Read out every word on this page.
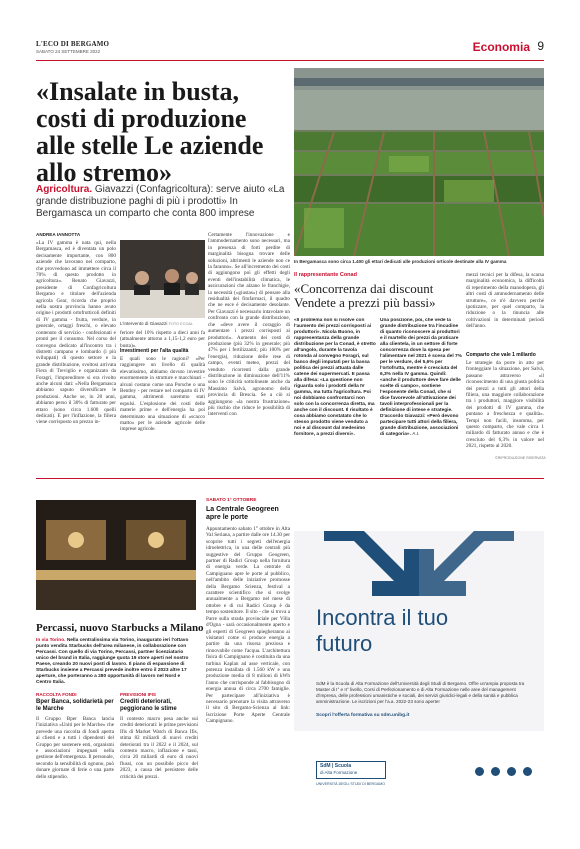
L'ECO DI BERGAMO
SABATO 24 SETTEMBRE 2022	Economia 9
«Insalate in busta, costi di produzione alle stelle Le aziende allo stremo»
Agricoltura. Giavazzi (Confagricoltura): serve aiuto «La grande distribuzione paghi di più i prodotti» In Bergamasca un comparto che conta 800 imprese
In Bergamasca sono circa 1.400 gli ettari dedicati alle produzioni orticole destinate alla IV gamma
ANDREA IANNOTTA
«La IV gamma è nata qui, nella Bergamasca, ed è diventata un polo decisamente importante, con 800 aziende che lavorano nel comparto, che provvedono ad immettere circa il 70% di questo prodotto in agricoltura». Renato Giavazzi, presidente di Confagricoltura Bergamo e titolare dell'azienda agricola Gear, ricorda che proprio nella nostra provincia hanno avuto origine i prodotti ortofrutticoli definiti di IV gamma - frutta, verdure, in generale, ortaggi freschi, o elevato contenuto di servizio - confezionati e pronti per il consumo. Nel corso del convegno dedicato all'incontro tra i distretti campano e lombardo (i più sviluppati) di questo settore e la grande distribuzione, svoltosi arrivata Fiera di Treviglio e organizzato da Foragri, l'imprenditore si era rivolto anche alcuni dati: «Nella Bergamasca abbiamo saputo diversificare le produzioni. Anche se, in 20 anni, abbiamo perso il 30% di fatturato per ettaro (sono circa 1.600 quelli dedicati). E per l'inflazione, la filiera viene corrisposto un prezzo in-
L'intervento di Giavazzi FOTO ECOAL
feriore del 10% rispetto a dieci anni fa (attualmente attorno a 1,15-1,2 euro per busta)».
Investimenti per l'alta qualità
E quali sono le ragioni? «Per raggiungere un livello di qualità elevatissimo, abbiamo dovuto investire enormemente in strutture e macchinari - alcuni costano come una Porsche o una Bentley - per restare nel comparto di IV gamma, altrimenti saremmo stati espulsi. L'esplosione dei costi delle materie prime e dell'energia ha poi determinato una situazione di «scacco matto» per le aziende agricole delle imprese agricole.
Certamente l'innovazione e l'ammodernamento sono necessari, ma in presenza di forti perdite di marginalità bisogna trovare delle soluzioni, altrimenti le aziende non ce la faranno». Se all'incremento dei costi di aggiungono poi gli effetti degli eventi dell'instabilità climatica, le assicurazioni che alzano le franchigie, la necessità («giustas») di pensare alla residualità dei fitofarmaci, il quadro che ne esce è decisamente desolante. Per Giavazzi è necessario intavolare un confronto con la grande distribuzione, che «deve avere il coraggio di aumentare i prezzi corrisposti ai produttori». Aumento dei costi di produzione (più 32% in generale; più 47% per i fertilizzanti; più 100% per l'energia), riduzione delle rese di campo, eventi meteo, prezzi del venduto ricorrenti dalla grande distribuzione in diminuzione dell'11% sono le criticità sottolineate anche da Massimo Salvà, agronomo della provincia di Brescia. Se a ciò si aggiungono «la nostra frustrazione» più rischio che riduce le possibilità di interventi con
Il rappresentante Conad
«Concorrenza dai discount Vendete a prezzi più bassi»
«Il problema non si risolve con l'aumento dei prezzi corrisposti ai produttori». Nicola Buono, in rappresentanza della grande distribuzione per la Conad, è stretto all'angolo, durante la tavola rotonda al convegno Foragri, sul banco degli imputati per la bassa politica dei prezzi attuata dalle catene dei supermercati. E passa alla difesa: «La questione non riguarda solo i prodotti della IV gamma, ma tutta l'agricoltura. Poi noi dobbiamo confrontarci non solo con la concorrenza diretta, ma anche con il discount. Il risultato è cosa abbiamo constatato che lo stesso prodotto viene venduto a noi e al discount dal medesimo fornitore, a prezzi diversi».
Una posizione, poi, che vede la grande distribuzione tra l'incudine di quanto riconoscere ai produttori e il martello dei prezzi da praticare alla clientela, in un settore di forte concorrenza dove la spesa per l'alimentare nel 2021 è scesa del 7% per le verdure, del 5,6% per l'ortofrutta, mentre è cresciuta del 6,3% nella IV gamma. Quindi: «anche il produttore deve fare delle scelte di campo», sostiene l'esponente della Conad, che si dice favorevole all'attivazione dei tavoli interprofessionali per la definizione di intese e strategie. D'accordo Giavazzi: «Però devono partecipare tutti attori della filiera, grande distribuzione, associazioni di categoria». A.I.
mezzi tecnici per la difesa, la scarsa marginalità economica, la difficoltà di reperimento della manodopera, gli altri costi di ammodernamento delle strutture», ce n'è davvero perché ipotizzare, per quel comparto, la riduzione o la rinuncia alle coltivazioni in determinati periodi dell'anno.
Comparto che vale 1 miliardo
Le strategie da porre in atto per fronteggiare la situazione, per Salvà, passano attraverso «il riconoscimento di una giusta politica dei prezzi a tutti gli attori della filiera, una maggiore collaborazione tra i produttori, maggiore visibilità dei prodotti di IV gamma, che puntano a freschezza e qualità». Tempi non facili, insomma, per questo comparto, che vale circa 1 miliardo di fatturato annuo e che è cresciuto del 6,3% in valore nel 2021, rispetto al 2020.
©RIPRODUZIONE RISERVATA
Percassi, nuovo Starbucks a Milano
In via Torino. Nella centralissima via Torino, inaugurato ieri l'ottavo punto vendita Starbucks dell'area milanese, in collaborazione con Percassi. Con quello di via Torino, Percassi, partner licenziatario unico del brand in Italia, raggiunge quota 19 store aperti nel nostro Paese, creando 20 nuovi posti di lavoro. Il piano di espansione di Starbucks insieme a Percassi prevede inoltre entro il 2023 altre 17 aperture, che porteranno a 280 opportunità di lavoro nel Nord e Centro Italia.
RACCOLTA FONDI
Bper Banca, solidarietà per le Marche
Il Gruppo Bper Banca lancia l'iniziativa «Uniti per le Marche» che prevede una raccolta di fondi aperta ai clienti e a tutti i dipendenti del Gruppo per sostenere enti, organismi e associazioni impegnati nella gestione dell'emergenza. Il personale, secondo la sensibilità di ognuno, può donare giornate di ferie o una parte dello stipendio.
PREVISIONI IFIS
Crediti deteriorati, peggiorano le stime
Il contesto macro pesa anche sui crediti deteriorati: le prime previsioni Ifis di Market Watch di Banca Ifis, stima 82 miliardi di nuovi crediti deteriorati tra il 2022 e il 2024, sul contesto macro, inflazione e tassi, circa 20 miliardi di euro di nuovi flussi, con un possibile picco del 2023, a causa del persistere delle criticità dei prezzi.
SABATO 1° OTTOBRE
La Centrale Geogreen apre le porte
Appuntamento sabato 1° ottobre in Alta Val Seriana, a partire dalle ore 14.30 per scoprire tutti i segreti dell'energia idroelettrica, in una delle centrali più suggestive del Gruppo Geogreen, partner di Radici Group nella fornitura di energia verde. La centrale di Campiguano apre le porte al pubblico, nell'ambito delle iniziative promosse della Bergamo Scienza, festival a carattere scientifico che si svolge annualmente a Bergamo nel mese di ottobre e di cui Radici Group è da tempo sostenitore. Il sito - che si trova a Parre sulla strada provinciale per Villa d'Ogna - sarà occasionalmente aperto e gli esperti di Geogreen spiegheranno ai visitatori come si produce energia a partire da una risorsa preziosa e rinnovabile come l'acqua. L'architettura fisica di Campignano è costituita da una turbina Kaplan ad asse verticale, con potenza installata di 1.560 kW e una produzione media di 8 milioni di kWh l'anno che corrisponde al fabbisogno di energia annua di circa 2700 famiglie. Per partecipare all'iniziativa è necessario prenotare la visita attraverso il sito di Bergamo-Scienza al link: Iscrizione Porte Aperte Centrale Campignano.
Incontra il tuo futuro
SdM è la Scuola di Alta Formazione dell'Università degli Studi di Bergamo. Offre un'ampia proposta tra Master di I° e II° livello, Corsi di Perfezionamento e di Alta Formazione nelle aree del management d'impresa, delle professioni umanistiche e sociali, dei servizi giuridici-legali e della sanità e pubblica amministrazione. Le iscrizioni per l'a.a. 2022-23 sono aperte!
Scopri l'offerta formativa su sdm.unibg.it
SdM | Scuola
di Alta Formazione
UNIVERSITÀ DEGLI STUDI DI BERGAMO
